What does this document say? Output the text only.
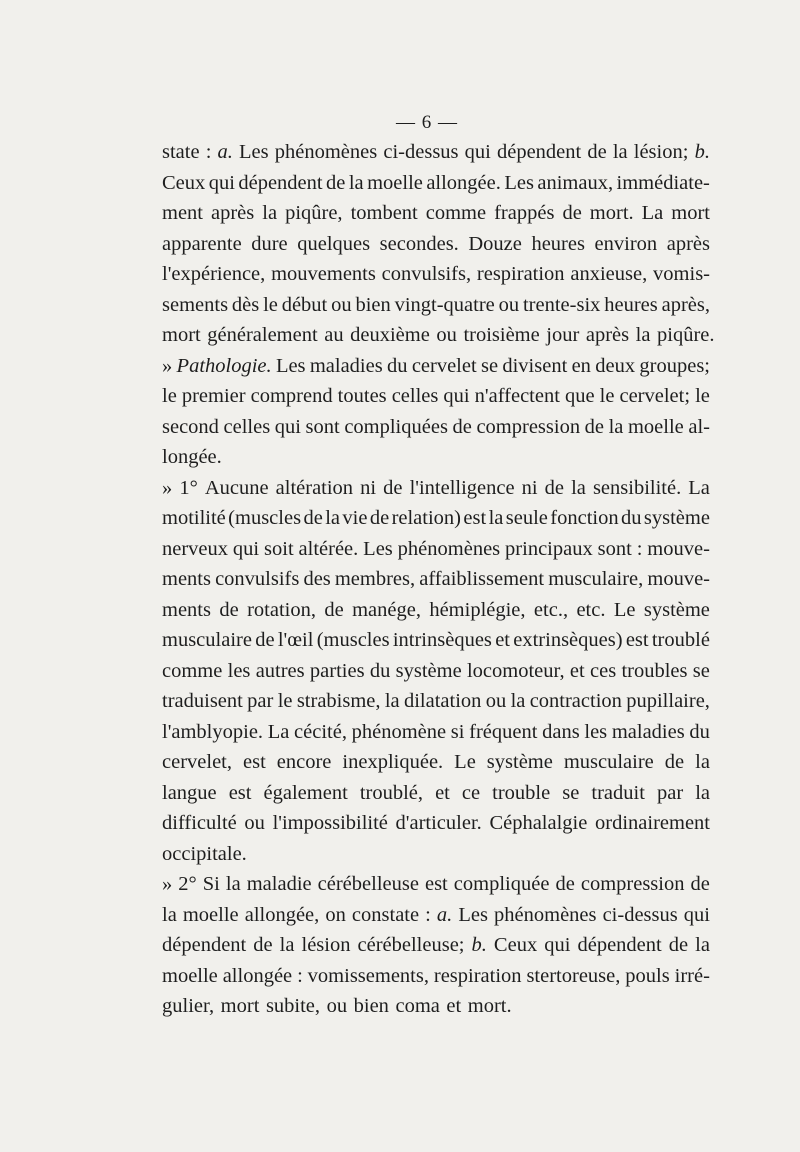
— 6 —
state : a. Les phénomènes ci-dessus qui dépendent de la lésion; b.
Ceux qui dépendent de la moelle allongée. Les animaux, immédiate-
ment après la piqûre, tombent comme frappés de mort. La mort
apparente dure quelques secondes. Douze heures environ après
l'expérience, mouvements convulsifs, respiration anxieuse, vomis-
sements dès le début ou bien vingt-quatre ou trente-six heures après,
mort généralement au deuxième ou troisième jour après la piqûre.
» Pathologie. Les maladies du cervelet se divisent en deux groupes;
le premier comprend toutes celles qui n'affectent que le cervelet; le
second celles qui sont compliquées de compression de la moelle al-
longée.
» 1° Aucune altération ni de l'intelligence ni de la sensibilité. La
motilité (muscles de la vie de relation) est la seule fonction du système
nerveux qui soit altérée. Les phénomènes principaux sont : mouve-
ments convulsifs des membres, affaiblissement musculaire, mouve-
ments de rotation, de manége, hémiplégie, etc., etc. Le système
musculaire de l'œil (muscles intrinsèques et extrinsèques) est troublé
comme les autres parties du système locomoteur, et ces troubles se
traduisent par le strabisme, la dilatation ou la contraction pupillaire,
l'amblyopie. La cécité, phénomène si fréquent dans les maladies du
cervelet, est encore inexpliquée. Le système musculaire de la
langue est également troublé, et ce trouble se traduit par la
difficulté ou l'impossibilité d'articuler. Céphalalgie ordinairement
occipitale.
» 2° Si la maladie cérébelleuse est compliquée de compression de
la moelle allongée, on constate : a. Les phénomènes ci-dessus qui
dépendent de la lésion cérébelleuse; b. Ceux qui dépendent de la
moelle allongée : vomissements, respiration stertoreuse, pouls irré-
gulier, mort subite, ou bien coma et mort.
